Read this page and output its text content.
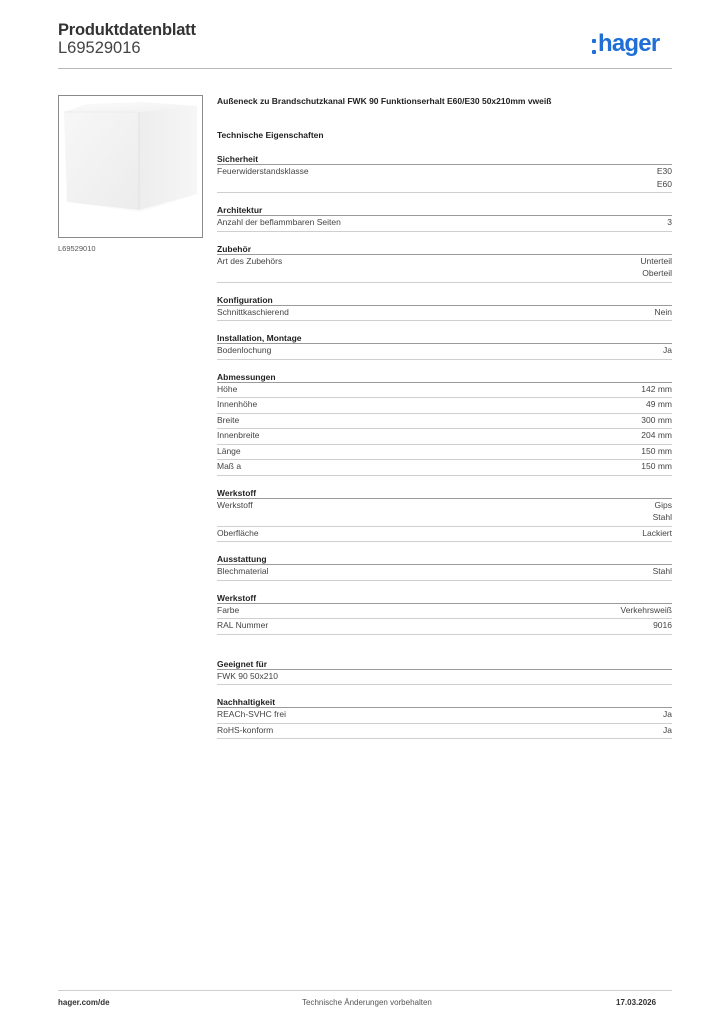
Produktdatenblatt
L69529016	hager
L69529010
Außeneck zu Brandschutzkanal FWK 90 Funktionserhalt E60/E30 50x210mm vweiß
Technische Eigenschaften
Sicherheit
Feuerwiderstandsklasse	E30
E60
Architektur
Anzahl der beflammbaren Seiten	3
Zubehör
Art des Zubehörs	Unterteil
Oberteil
Konfiguration
Schnittkaschierend	Nein
Installation, Montage
Bodenlochung	Ja
Abmessungen
Höhe	142 mm
Innenhöhe	49 mm
Breite	300 mm
Innenbreite	204 mm
Länge	150 mm
Maß a	150 mm
Werkstoff
Werkstoff	Gips
Stahl
Oberfläche	Lackiert
Ausstattung
Blechmaterial	Stahl
Werkstoff
Farbe	Verkehrsweiß
RAL Nummer	9016
Geeignet für
FWK 90 50x210
Nachhaltigkeit
REACh-SVHC frei	Ja
RoHS-konform	Ja
hager.com/de	Technische Änderungen vorbehalten	17.03.2026
